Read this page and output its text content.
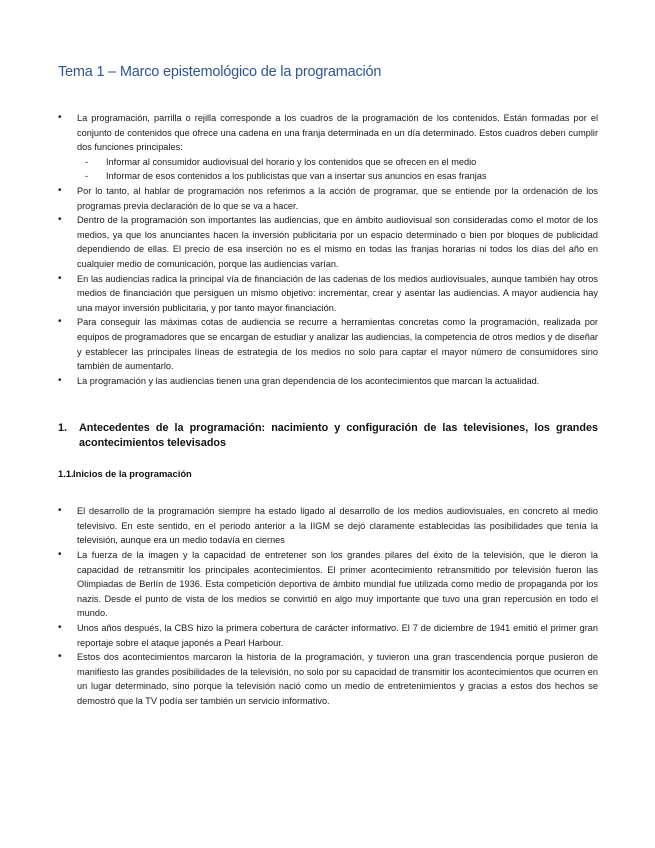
Tema 1 – Marco epistemológico de la programación
• La programación, parrilla o rejilla corresponde a los cuadros de la programación de los contenidos. Están formadas por el conjunto de contenidos que ofrece una cadena en una franja determinada en un día determinado. Estos cuadros deben cumplir dos funciones principales:
- Informar al consumidor audiovisual del horario y los contenidos que se ofrecen en el medio
- Informar de esos contenidos a los publicistas que van a insertar sus anuncios en esas franjas
• Por lo tanto, al hablar de programación nos referimos a la acción de programar, que se entiende por la ordenación de los programas previa declaración de lo que se va a hacer.
• Dentro de la programación son importantes las audiencias, que en ámbito audiovisual son consideradas como el motor de los medios, ya que los anunciantes hacen la inversión publicitaria por un espacio determinado o bien por bloques de publicidad dependiendo de ellas. El precio de esa inserción no es el mismo en todas las franjas horarias ni todos los días del año en cualquier medio de comunicación, porque las audiencias varían.
• En las audiencias radica la principal vía de financiación de las cadenas de los medios audiovisuales, aunque también hay otros medios de financiación que persiguen un mismo objetivo: incrementar, crear y asentar las audiencias. A mayor audiencia hay una mayor inversión publicitaria, y por tanto mayor financiación.
• Para conseguir las máximas cotas de audiencia se recurre a herramientas concretas como la programación, realizada por equipos de programadores que se encargan de estudiar y analizar las audiencias, la competencia de otros medios y de diseñar y establecer las principales líneas de estrategia de los medios no solo para captar el mayor número de consumidores sino también de aumentarlo.
• La programación y las audiencias tienen una gran dependencia de los acontecimientos que marcan la actualidad.
1.	Antecedentes de la programación: nacimiento y configuración de las televisiones, los grandes acontecimientos televisados
1.1. Inicios de la programación
• El desarrollo de la programación siempre ha estado ligado al desarrollo de los medios audiovisuales, en concreto al medio televisivo. En este sentido, en el periodo anterior a la IIGM se dejó claramente establecidas las posibilidades que tenía la televisión, aunque era un medio todavía en ciernes
• La fuerza de la imagen y la capacidad de entretener son los grandes pilares del éxito de la televisión, que le dieron la capacidad de retransmitir los principales acontecimientos. El primer acontecimiento retransmitido por televisión fueron las Olimpiadas de Berlín de 1936. Esta competición deportiva de ámbito mundial fue utilizada como medio de propaganda por los nazis. Desde el punto de vista de los medios se convirtió en algo muy importante que tuvo una gran repercusión en todo el mundo.
• Unos años después, la CBS hizo la primera cobertura de carácter informativo. El 7 de diciembre de 1941 emitió el primer gran reportaje sobre el ataque japonés a Pearl Harbour.
• Estos dos acontecimientos marcaron la historia de la programación, y tuvieron una gran trascendencia porque pusieron de manifiesto las grandes posibilidades de la televisión, no solo por su capacidad de transmitir los acontecimientos que ocurren en un lugar determinado, sino porque la televisión nació como un medio de entretenimientos y gracias a estos dos hechos se demostró que la TV podía ser también un servicio informativo.
